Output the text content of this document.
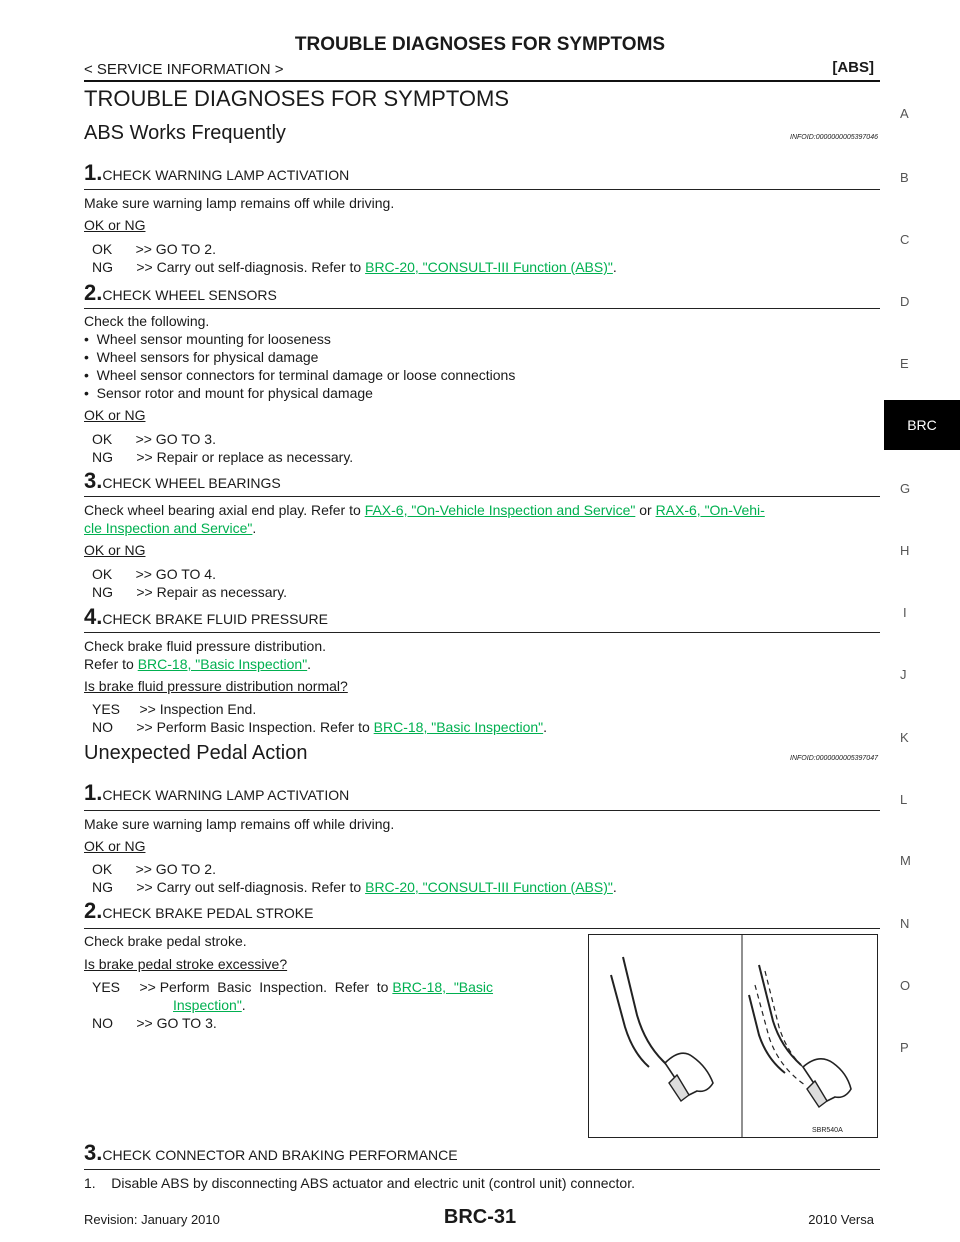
TROUBLE DIAGNOSES FOR SYMPTOMS
< SERVICE INFORMATION >	[ABS]
TROUBLE DIAGNOSES FOR SYMPTOMS
ABS Works Frequently	INFOID:0000000005397046
1.CHECK WARNING LAMP ACTIVATION
Make sure warning lamp remains off while driving.
OK or NG
OK      >> GO TO 2.
NG      >> Carry out self-diagnosis. Refer to BRC-20, "CONSULT-III Function (ABS)".
2.CHECK WHEEL SENSORS
Check the following.
•  Wheel sensor mounting for looseness
•  Wheel sensors for physical damage
•  Wheel sensor connectors for terminal damage or loose connections
•  Sensor rotor and mount for physical damage
OK or NG
OK      >> GO TO 3.
NG      >> Repair or replace as necessary.
3.CHECK WHEEL BEARINGS
Check wheel bearing axial end play. Refer to FAX-6, "On-Vehicle Inspection and Service" or RAX-6, "On-Vehi-
cle Inspection and Service".
OK or NG
OK      >> GO TO 4.
NG      >> Repair as necessary.
4.CHECK BRAKE FLUID PRESSURE
Check brake fluid pressure distribution.
Refer to BRC-18, "Basic Inspection".
Is brake fluid pressure distribution normal?
YES     >> Inspection End.
NO      >> Perform Basic Inspection. Refer to BRC-18, "Basic Inspection".
Unexpected Pedal Action	INFOID:0000000005397047
1.CHECK WARNING LAMP ACTIVATION
Make sure warning lamp remains off while driving.
OK or NG
OK      >> GO TO 2.
NG      >> Carry out self-diagnosis. Refer to BRC-20, "CONSULT-III Function (ABS)".
2.CHECK BRAKE PEDAL STROKE
Check brake pedal stroke.
Is brake pedal stroke excessive?
YES     >> Perform  Basic  Inspection.  Refer  to BRC-18,  "Basic
Inspection".
NO      >> GO TO 3.
SBR540A
3.CHECK CONNECTOR AND BRAKING PERFORMANCE
1.    Disable ABS by disconnecting ABS actuator and electric unit (control unit) connector.
A
B
C
D
E
BRC
G
H
I
J
K
L
M
N
O
P
Revision: January 2010	BRC-31	2010 Versa
